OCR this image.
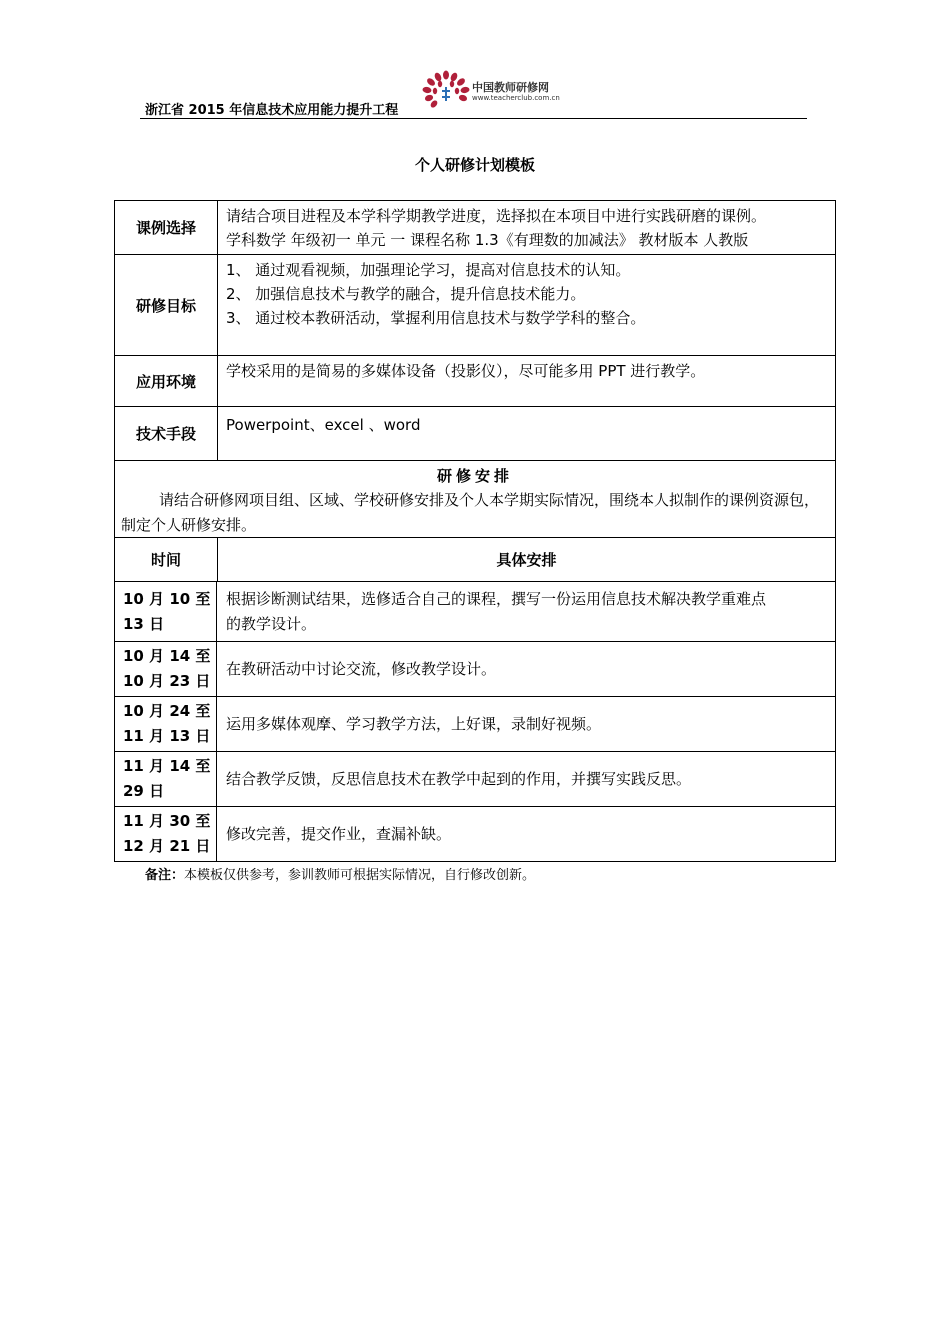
浙江省 2015 年信息技术应用能力提升工程
中国教师研修网
www.teacherclub.com.cn
个人研修计划模板
课例选择
请结合项目进程及本学科学期教学进度，选择拟在本项目中进行实践研磨的课例。
学科数学 年级初一 单元 一 课程名称 1.3《有理数的加减法》 教材版本 人教版
研修目标
1、 通过观看视频，加强理论学习，提高对信息技术的认知。
2、 加强信息技术与教学的融合，提升信息技术能力。
3、 通过校本教研活动，掌握利用信息技术与数学学科的整合。
应用环境
学校采用的是简易的多媒体设备（投影仪），尽可能多用 PPT 进行教学。
技术手段	Powerpoint、excel 、word
研修安排
请结合研修网项目组、区域、学校研修安排及个人本学期实际情况，围绕本人拟制作的课例资源包，制定个人研修安排。
时间	具体安排
10 月 10 至
13 日
根据诊断测试结果，选修适合自己的课程，撰写一份运用信息技术解决教学重难点
的教学设计。
10 月 14 至
10 月 23 日
在教研活动中讨论交流，修改教学设计。
10 月 24 至
11 月 13 日
运用多媒体观摩、学习教学方法，上好课，录制好视频。
11 月 14 至
29 日
结合教学反馈，反思信息技术在教学中起到的作用，并撰写实践反思。
11 月 30 至
12 月 21 日
修改完善，提交作业，查漏补缺。
备注：本模板仅供参考，参训教师可根据实际情况，自行修改创新。
